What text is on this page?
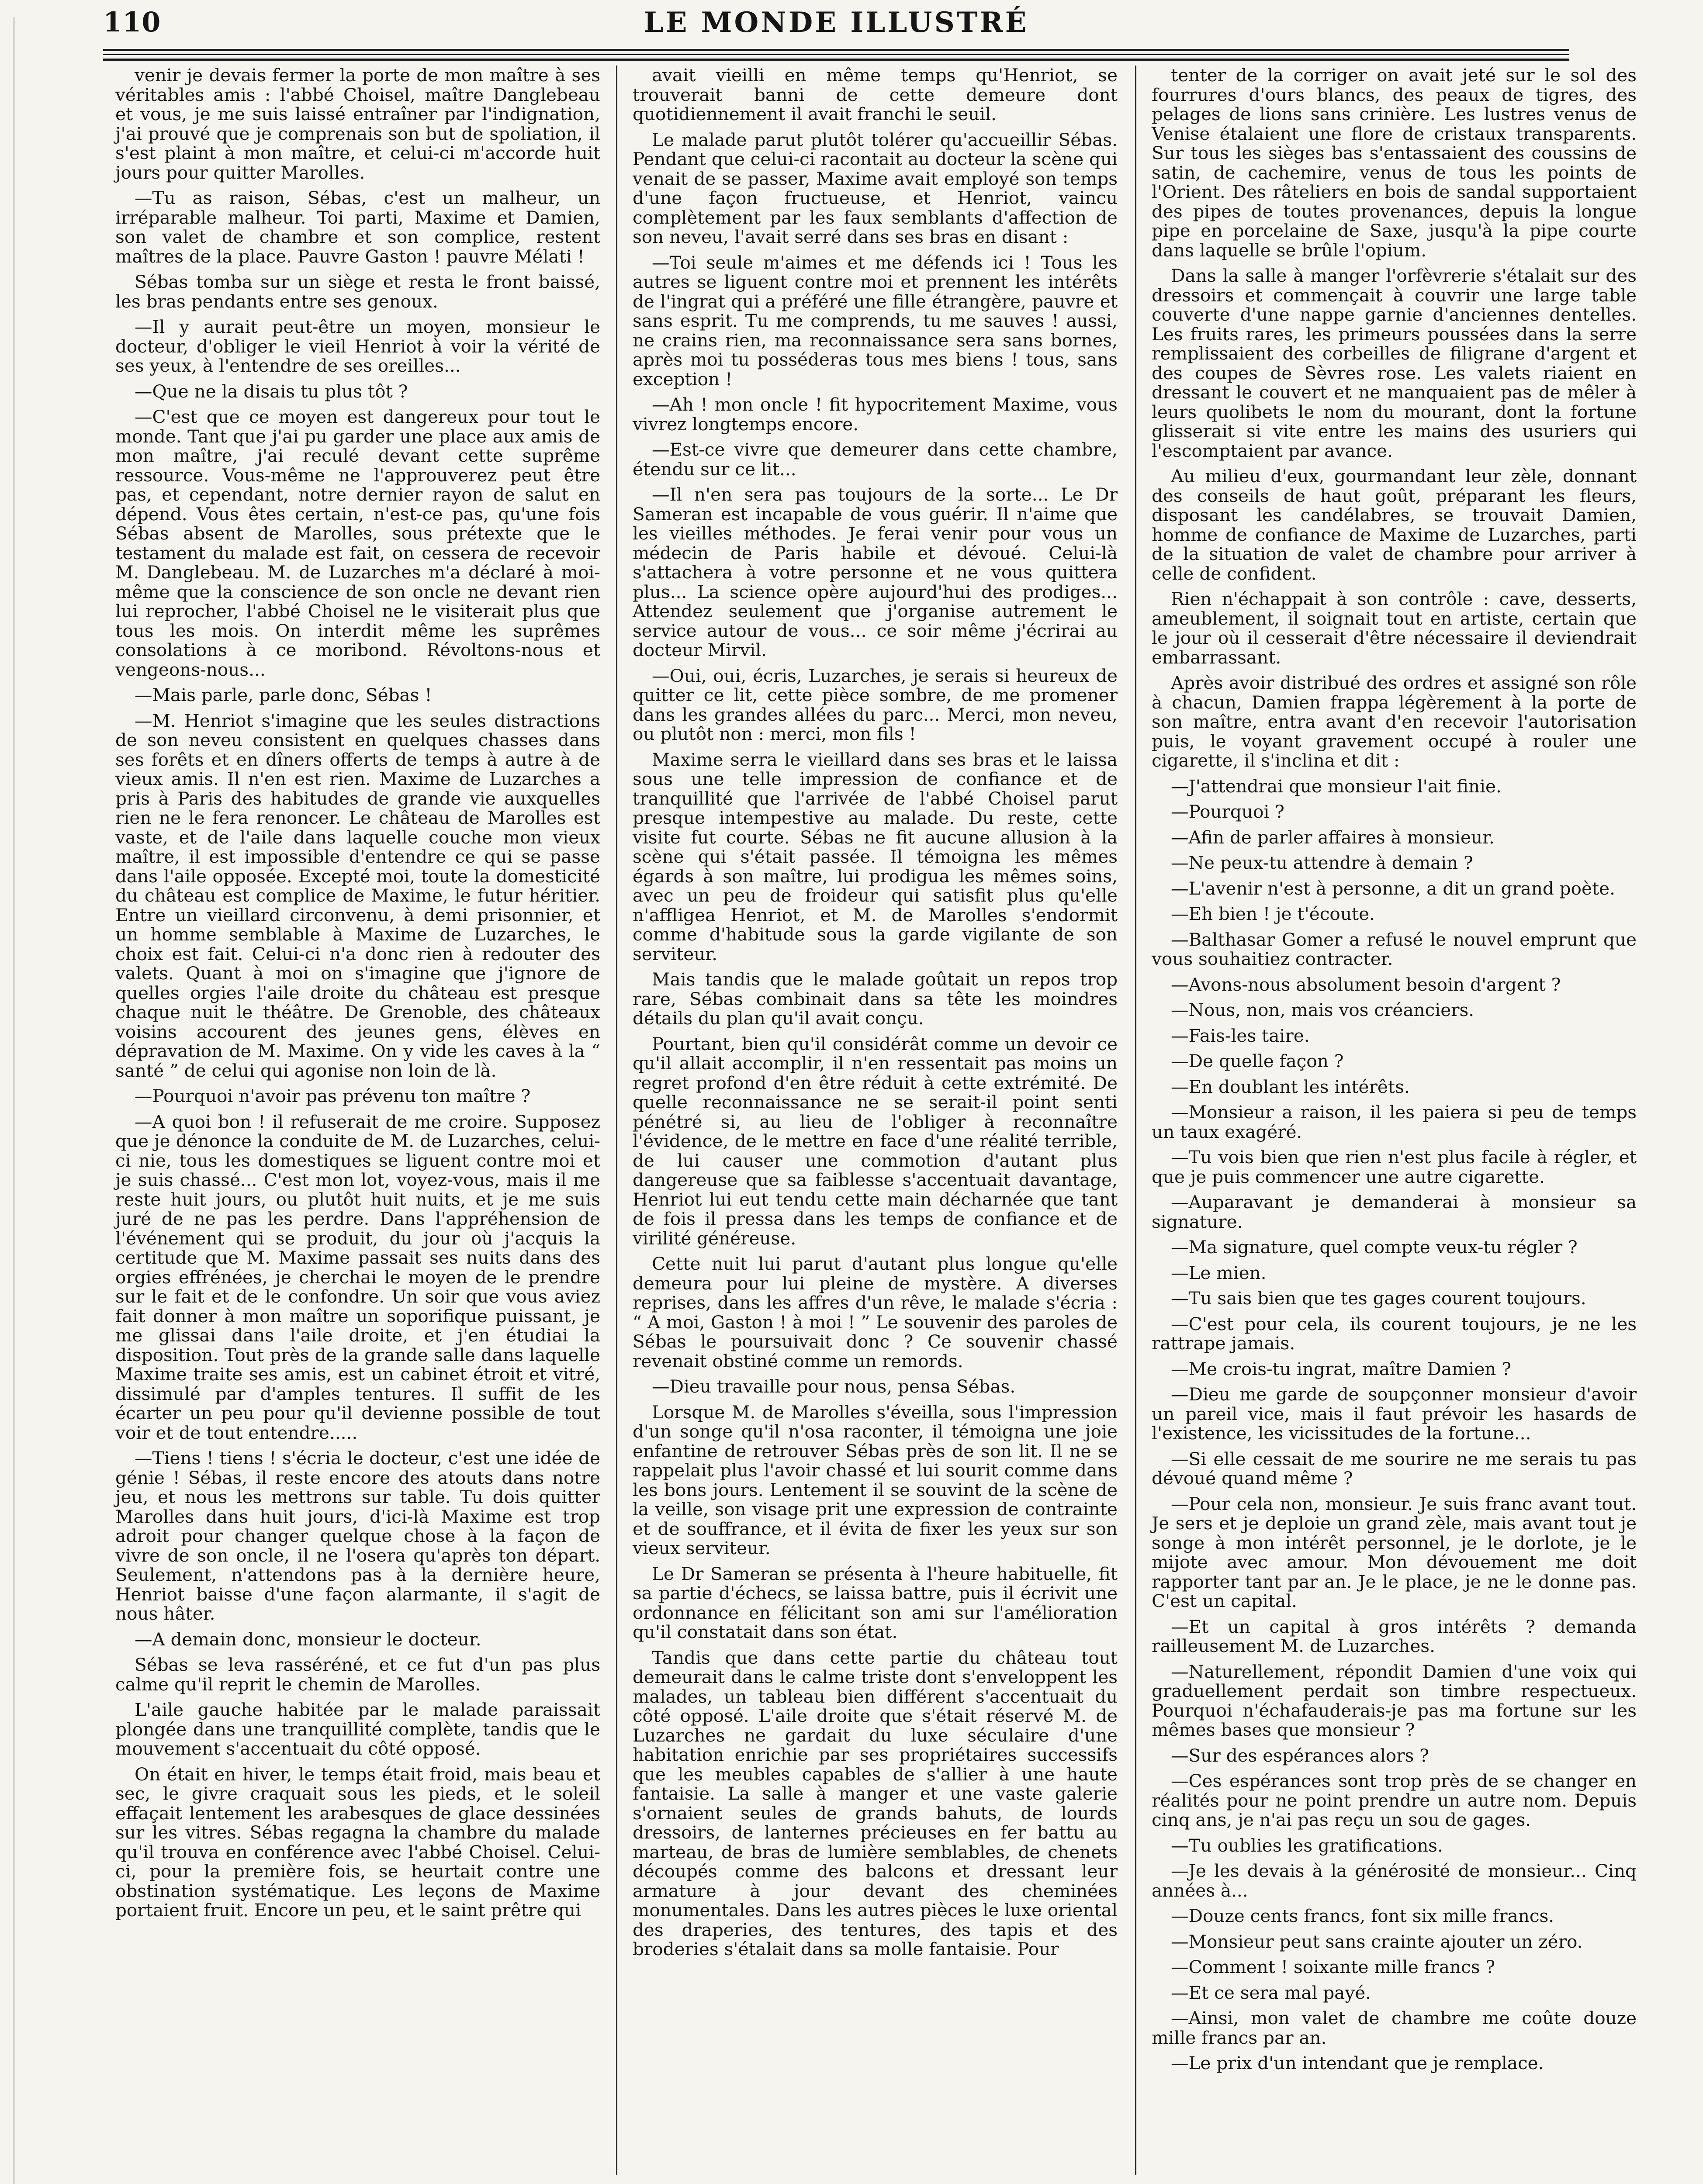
110	LE MONDE ILLUSTRÉ

venir je devais fermer la porte de mon maître à ses véritables amis : l'abbé Choisel, maître Danglebeau et vous, je me suis laissé entraîner par l'indignation, j'ai prouvé que je comprenais son but de spoliation, il s'est plaint à mon maître, et celui-ci m'accorde huit jours pour quitter Marolles.

—Tu as raison, Sébas, c'est un malheur, un irréparable malheur. Toi parti, Maxime et Damien, son valet de chambre et son complice, restent maîtres de la place. Pauvre Gaston ! pauvre Mélati !

Sébas tomba sur un siège et resta le front baissé, les bras pendants entre ses genoux.

—Il y aurait peut-être un moyen, monsieur le docteur, d'obliger le vieil Henriot à voir la vérité de ses yeux, à l'entendre de ses oreilles...

—Que ne la disais tu plus tôt ?

—C'est que ce moyen est dangereux pour tout le monde. Tant que j'ai pu garder une place aux amis de mon maître, j'ai reculé devant cette suprême ressource. Vous-même ne l'approuverez peut être pas, et cependant, notre dernier rayon de salut en dépend. Vous êtes certain, n'est-ce pas, qu'une fois Sébas absent de Marolles, sous prétexte que le testament du malade est fait, on cessera de recevoir M. Danglebeau. M. de Luzarches m'a déclaré à moi-même que la conscience de son oncle ne devant rien lui reprocher, l'abbé Choisel ne le visiterait plus que tous les mois. On interdit même les suprêmes consolations à ce moribond. Révoltons-nous et vengeons-nous...

—Mais parle, parle donc, Sébas !

—M. Henriot s'imagine que les seules distractions de son neveu consistent en quelques chasses dans ses forêts et en dîners offerts de temps à autre à de vieux amis. Il n'en est rien. Maxime de Luzarches a pris à Paris des habitudes de grande vie auxquelles rien ne le fera renoncer. Le château de Marolles est vaste, et de l'aile dans laquelle couche mon vieux maître, il est impossible d'entendre ce qui se passe dans l'aile opposée. Excepté moi, toute la domesticité du château est complice de Maxime, le futur héritier. Entre un vieillard circonvenu, à demi prisonnier, et un homme semblable à Maxime de Luzarches, le choix est fait. Celui-ci n'a donc rien à redouter des valets. Quant à moi on s'imagine que j'ignore de quelles orgies l'aile droite du château est presque chaque nuit le théâtre. De Grenoble, des châteaux voisins accourent des jeunes gens, élèves en dépravation de M. Maxime. On y vide les caves à la “ santé ” de celui qui agonise non loin de là.

—Pourquoi n'avoir pas prévenu ton maître ?

—A quoi bon ! il refuserait de me croire. Supposez que je dénonce la conduite de M. de Luzarches, celui-ci nie, tous les domestiques se liguent contre moi et je suis chassé... C'est mon lot, voyez-vous, mais il me reste huit jours, ou plutôt huit nuits, et je me suis juré de ne pas les perdre. Dans l'appréhension de l'événement qui se produit, du jour où j'acquis la certitude que M. Maxime passait ses nuits dans des orgies effrénées, je cherchai le moyen de le prendre sur le fait et de le confondre. Un soir que vous aviez fait donner à mon maître un soporifique puissant, je me glissai dans l'aile droite, et j'en étudiai la disposition. Tout près de la grande salle dans laquelle Maxime traite ses amis, est un cabinet étroit et vitré, dissimulé par d'amples tentures. Il suffit de les écarter un peu pour qu'il devienne possible de tout voir et de tout entendre.....

—Tiens ! tiens ! s'écria le docteur, c'est une idée de génie ! Sébas, il reste encore des atouts dans notre jeu, et nous les mettrons sur table. Tu dois quitter Marolles dans huit jours, d'ici-là Maxime est trop adroit pour changer quelque chose à la façon de vivre de son oncle, il ne l'osera qu'après ton départ. Seulement, n'attendons pas à la dernière heure, Henriot baisse d'une façon alarmante, il s'agit de nous hâter.

—A demain donc, monsieur le docteur.

Sébas se leva rasséréné, et ce fut d'un pas plus calme qu'il reprit le chemin de Marolles.

L'aile gauche habitée par le malade paraissait plongée dans une tranquillité complète, tandis que le mouvement s'accentuait du côté opposé.

On était en hiver, le temps était froid, mais beau et sec, le givre craquait sous les pieds, et le soleil effaçait lentement les arabesques de glace dessinées sur les vitres. Sébas regagna la chambre du malade qu'il trouva en conférence avec l'abbé Choisel. Celui-ci, pour la première fois, se heurtait contre une obstination systématique. Les leçons de Maxime portaient fruit. Encore un peu, et le saint prêtre qui

avait vieilli en même temps qu'Henriot, se trouverait banni de cette demeure dont quotidiennement il avait franchi le seuil.

Le malade parut plutôt tolérer qu'accueillir Sébas. Pendant que celui-ci racontait au docteur la scène qui venait de se passer, Maxime avait employé son temps d'une façon fructueuse, et Henriot, vaincu complètement par les faux semblants d'affection de son neveu, l'avait serré dans ses bras en disant :

—Toi seule m'aimes et me défends ici ! Tous les autres se liguent contre moi et prennent les intérêts de l'ingrat qui a préféré une fille étrangère, pauvre et sans esprit. Tu me comprends, tu me sauves ! aussi, ne crains rien, ma reconnaissance sera sans bornes, après moi tu posséderas tous mes biens ! tous, sans exception !

—Ah ! mon oncle ! fit hypocritement Maxime, vous vivrez longtemps encore.

—Est-ce vivre que demeurer dans cette chambre, étendu sur ce lit...

—Il n'en sera pas toujours de la sorte... Le Dr Sameran est incapable de vous guérir. Il n'aime que les vieilles méthodes. Je ferai venir pour vous un médecin de Paris habile et dévoué. Celui-là s'attachera à votre personne et ne vous quittera plus... La science opère aujourd'hui des prodiges... Attendez seulement que j'organise autrement le service autour de vous... ce soir même j'écrirai au docteur Mirvil.

—Oui, oui, écris, Luzarches, je serais si heureux de quitter ce lit, cette pièce sombre, de me promener dans les grandes allées du parc... Merci, mon neveu, ou plutôt non : merci, mon fils !

Maxime serra le vieillard dans ses bras et le laissa sous une telle impression de confiance et de tranquillité que l'arrivée de l'abbé Choisel parut presque intempestive au malade. Du reste, cette visite fut courte. Sébas ne fit aucune allusion à la scène qui s'était passée. Il témoigna les mêmes égards à son maître, lui prodigua les mêmes soins, avec un peu de froideur qui satisfit plus qu'elle n'affligea Henriot, et M. de Marolles s'endormit comme d'habitude sous la garde vigilante de son serviteur.

Mais tandis que le malade goûtait un repos trop rare, Sébas combinait dans sa tête les moindres détails du plan qu'il avait conçu.

Pourtant, bien qu'il considérât comme un devoir ce qu'il allait accomplir, il n'en ressentait pas moins un regret profond d'en être réduit à cette extrémité. De quelle reconnaissance ne se serait-il point senti pénétré si, au lieu de l'obliger à reconnaître l'évidence, de le mettre en face d'une réalité terrible, de lui causer une commotion d'autant plus dangereuse que sa faiblesse s'accentuait davantage, Henriot lui eut tendu cette main décharnée que tant de fois il pressa dans les temps de confiance et de virilité généreuse.

Cette nuit lui parut d'autant plus longue qu'elle demeura pour lui pleine de mystère. A diverses reprises, dans les affres d'un rêve, le malade s'écria : “ A moi, Gaston ! à moi ! ” Le souvenir des paroles de Sébas le poursuivait donc ? Ce souvenir chassé revenait obstiné comme un remords.

—Dieu travaille pour nous, pensa Sébas.

Lorsque M. de Marolles s'éveilla, sous l'impression d'un songe qu'il n'osa raconter, il témoigna une joie enfantine de retrouver Sébas près de son lit. Il ne se rappelait plus l'avoir chassé et lui sourit comme dans les bons jours. Lentement il se souvint de la scène de la veille, son visage prit une expression de contrainte et de souffrance, et il évita de fixer les yeux sur son vieux serviteur.

Le Dr Sameran se présenta à l'heure habituelle, fit sa partie d'échecs, se laissa battre, puis il écrivit une ordonnance en félicitant son ami sur l'amélioration qu'il constatait dans son état.

Tandis que dans cette partie du château tout demeurait dans le calme triste dont s'enveloppent les malades, un tableau bien différent s'accentuait du côté opposé. L'aile droite que s'était réservé M. de Luzarches ne gardait du luxe séculaire d'une habitation enrichie par ses propriétaires successifs que les meubles capables de s'allier à une haute fantaisie. La salle à manger et une vaste galerie s'ornaient seules de grands bahuts, de lourds dressoirs, de lanternes précieuses en fer battu au marteau, de bras de lumière semblables, de chenets découpés comme des balcons et dressant leur armature à jour devant des cheminées monumentales. Dans les autres pièces le luxe oriental des draperies, des tentures, des tapis et des broderies s'étalait dans sa molle fantaisie. Pour

tenter de la corriger on avait jeté sur le sol des fourrures d'ours blancs, des peaux de tigres, des pelages de lions sans crinière. Les lustres venus de Venise étalaient une flore de cristaux transparents. Sur tous les sièges bas s'entassaient des coussins de satin, de cachemire, venus de tous les points de l'Orient. Des râteliers en bois de sandal supportaient des pipes de toutes provenances, depuis la longue pipe en porcelaine de Saxe, jusqu'à la pipe courte dans laquelle se brûle l'opium.

Dans la salle à manger l'orfèvrerie s'étalait sur des dressoirs et commençait à couvrir une large table couverte d'une nappe garnie d'anciennes dentelles. Les fruits rares, les primeurs poussées dans la serre remplissaient des corbeilles de filigrane d'argent et des coupes de Sèvres rose. Les valets riaient en dressant le couvert et ne manquaient pas de mêler à leurs quolibets le nom du mourant, dont la fortune glisserait si vite entre les mains des usuriers qui l'escomptaient par avance.

Au milieu d'eux, gourmandant leur zèle, donnant des conseils de haut goût, préparant les fleurs, disposant les candélabres, se trouvait Damien, homme de confiance de Maxime de Luzarches, parti de la situation de valet de chambre pour arriver à celle de confident.

Rien n'échappait à son contrôle : cave, desserts, ameublement, il soignait tout en artiste, certain que le jour où il cesserait d'être nécessaire il deviendrait embarrassant.

Après avoir distribué des ordres et assigné son rôle à chacun, Damien frappa légèrement à la porte de son maître, entra avant d'en recevoir l'autorisation puis, le voyant gravement occupé à rouler une cigarette, il s'inclina et dit :

—J'attendrai que monsieur l'ait finie.

—Pourquoi ?

—Afin de parler affaires à monsieur.

—Ne peux-tu attendre à demain ?

—L'avenir n'est à personne, a dit un grand poète.

—Eh bien ! je t'écoute.

—Balthasar Gomer a refusé le nouvel emprunt que vous souhaitiez contracter.

—Avons-nous absolument besoin d'argent ?

—Nous, non, mais vos créanciers.

—Fais-les taire.

—De quelle façon ?

—En doublant les intérêts.

—Monsieur a raison, il les paiera si peu de temps un taux exagéré.

—Tu vois bien que rien n'est plus facile à régler, et que je puis commencer une autre cigarette.

—Auparavant je demanderai à monsieur sa signature.

—Ma signature, quel compte veux-tu régler ?

—Le mien.

—Tu sais bien que tes gages courent toujours.

—C'est pour cela, ils courent toujours, je ne les rattrape jamais.

—Me crois-tu ingrat, maître Damien ?

—Dieu me garde de soupçonner monsieur d'avoir un pareil vice, mais il faut prévoir les hasards de l'existence, les vicissitudes de la fortune...

—Si elle cessait de me sourire ne me serais tu pas dévoué quand même ?

—Pour cela non, monsieur. Je suis franc avant tout. Je sers et je deploie un grand zèle, mais avant tout je songe à mon intérêt personnel, je le dorlote, je le mijote avec amour. Mon dévouement me doit rapporter tant par an. Je le place, je ne le donne pas. C'est un capital.

—Et un capital à gros intérêts ? demanda railleusement M. de Luzarches.

—Naturellement, répondit Damien d'une voix qui graduellement perdait son timbre respectueux. Pourquoi n'échafauderais-je pas ma fortune sur les mêmes bases que monsieur ?

—Sur des espérances alors ?

—Ces espérances sont trop près de se changer en réalités pour ne point prendre un autre nom. Depuis cinq ans, je n'ai pas reçu un sou de gages.

—Tu oublies les gratifications.

—Je les devais à la générosité de monsieur... Cinq années à...

—Douze cents francs, font six mille francs.

—Monsieur peut sans crainte ajouter un zéro.

—Comment ! soixante mille francs ?

—Et ce sera mal payé.

—Ainsi, mon valet de chambre me coûte douze mille francs par an.

—Le prix d'un intendant que je remplace.
